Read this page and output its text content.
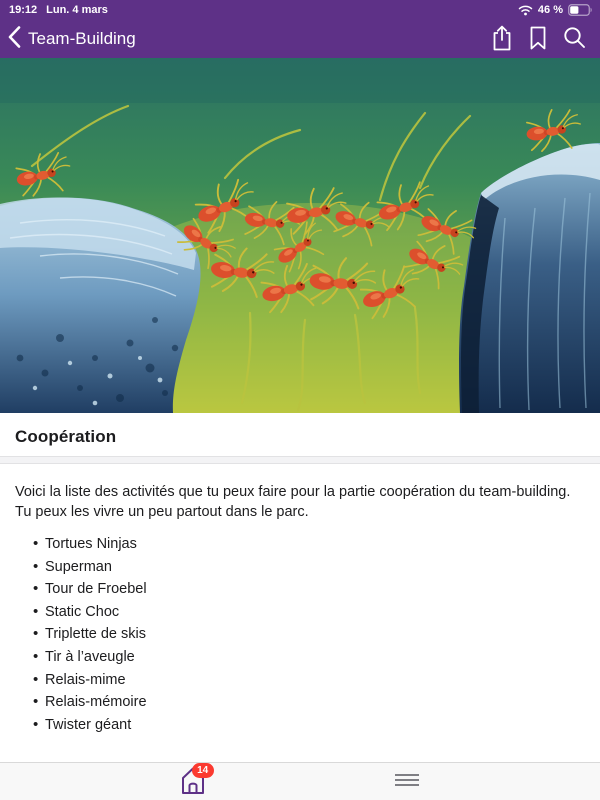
19:12 Lun. 4 mars	46 %
Team-Building
Coopération

Voici la liste des activités que tu peux faire pour la partie coopération du team-building. Tu peux les vivre un peu partout dans le parc.

• Tortues Ninjas
• Superman
• Tour de Froebel
• Static Choc
• Triplette de skis
• Tir à l’aveugle
• Relais-mime
• Relais-mémoire
• Twister géant
14
